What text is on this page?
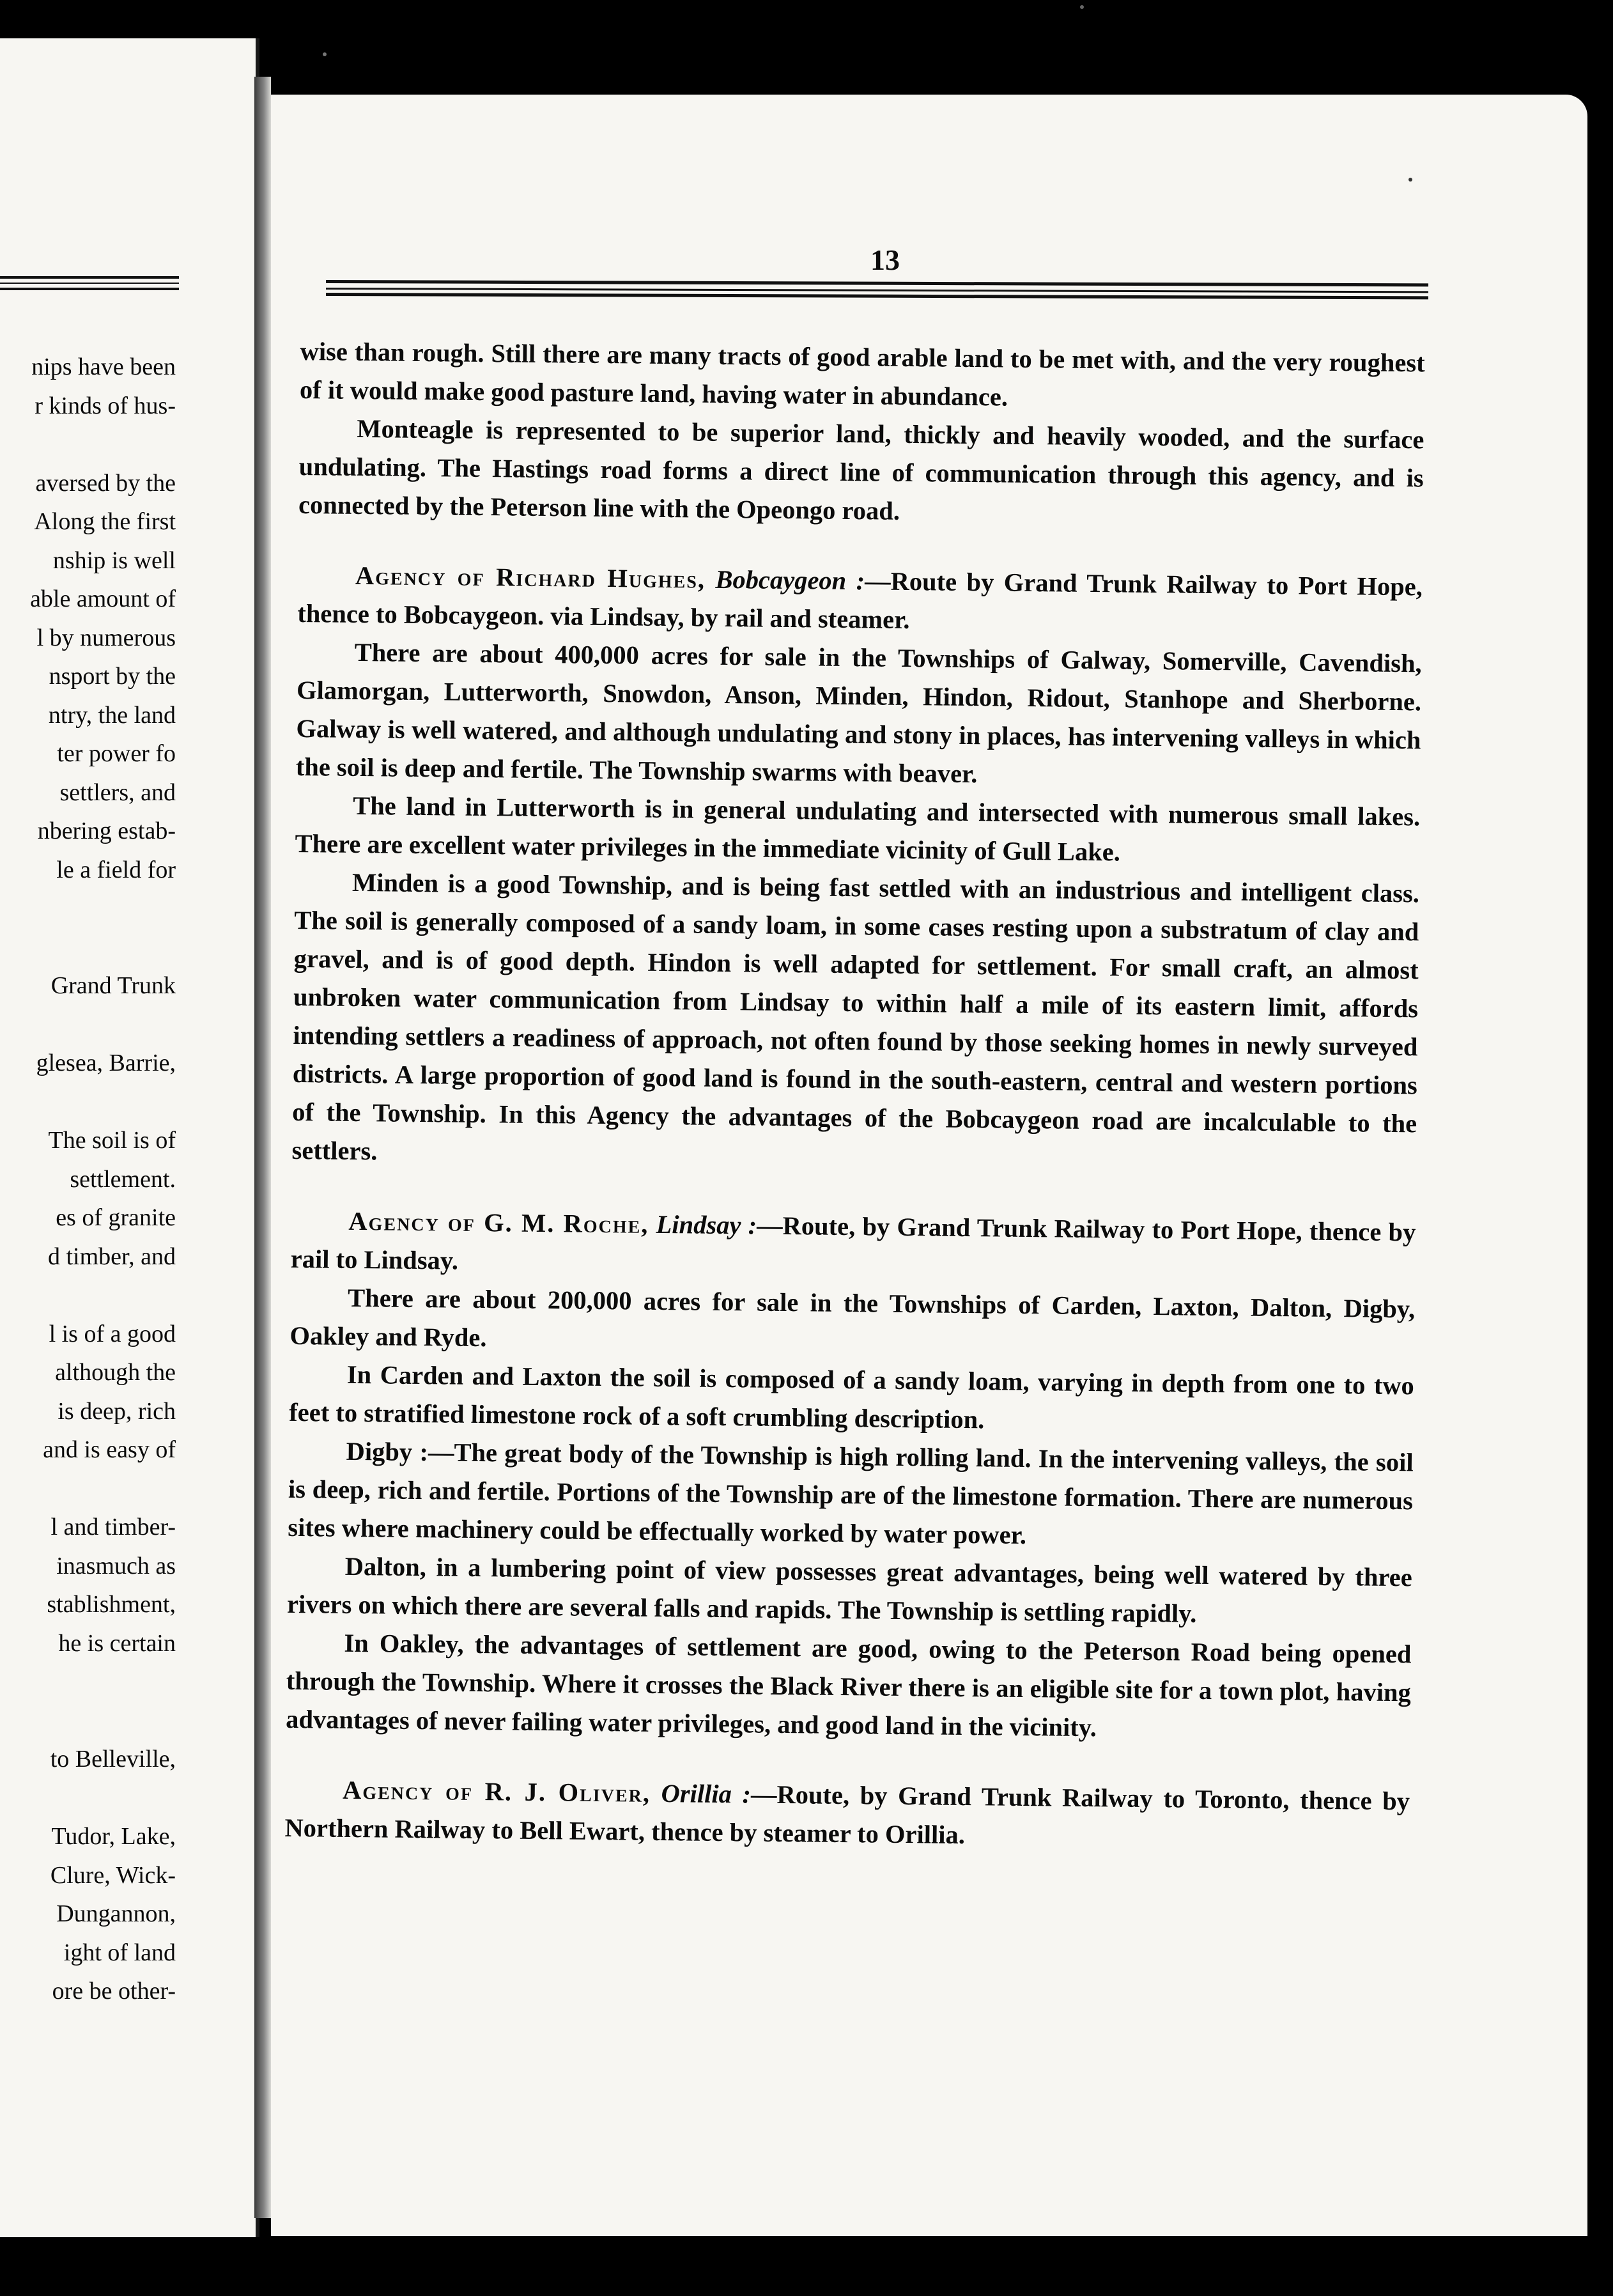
nips have been
r kinds of hus-
aversed by the
Along the first
nship is well
able amount of
l by numerous
nsport by the
ntry, the land
ter power fo
settlers, and
nbering estab-
le a field for
Grand Trunk
glesea, Barrie,
The soil is of
settlement.
es of granite
d timber, and
l is of a good
although the
is deep, rich
and is easy of
l and timber-
inasmuch as
stablishment,
he is certain
to Belleville,
Tudor, Lake,
Clure, Wick-
Dungannon,
ight of land
ore be other-
13

wise than rough. Still there are many tracts of good arable land to be met with, and the very roughest of it would make good pasture land, having water in abundance.

Monteagle is represented to be superior land, thickly and heavily wooded, and the surface undulating. The Hastings road forms a direct line of communication through this agency, and is connected by the Peterson line with the Opeongo road.

Agency of Richard Hughes, Bobcaygeon :—Route by Grand Trunk Railway to Port Hope, thence to Bobcaygeon. via Lindsay, by rail and steamer.

There are about 400,000 acres for sale in the Townships of Galway, Somerville, Cavendish, Glamorgan, Lutterworth, Snowdon, Anson, Minden, Hindon, Ridout, Stanhope and Sherborne. Galway is well watered, and although undulating and stony in places, has intervening valleys in which the soil is deep and fertile. The Township swarms with beaver.

The land in Lutterworth is in general undulating and intersected with numerous small lakes. There are excellent water privileges in the immediate vicinity of Gull Lake.

Minden is a good Township, and is being fast settled with an industrious and intelligent class. The soil is generally composed of a sandy loam, in some cases resting upon a substratum of clay and gravel, and is of good depth. Hindon is well adapted for settlement. For small craft, an almost unbroken water communication from Lindsay to within half a mile of its eastern limit, affords intending settlers a readiness of approach, not often found by those seeking homes in newly surveyed districts. A large proportion of good land is found in the south-eastern, central and western portions of the Township. In this Agency the advantages of the Bobcaygeon road are incalculable to the settlers.

Agency of G. M. Roche, Lindsay :—Route, by Grand Trunk Railway to Port Hope, thence by rail to Lindsay.

There are about 200,000 acres for sale in the Townships of Carden, Laxton, Dalton, Digby, Oakley and Ryde.

In Carden and Laxton the soil is composed of a sandy loam, varying in depth from one to two feet to stratified limestone rock of a soft crumbling description.

Digby :—The great body of the Township is high rolling land. In the intervening valleys, the soil is deep, rich and fertile. Portions of the Township are of the limestone formation. There are numerous sites where machinery could be effectually worked by water power.

Dalton, in a lumbering point of view possesses great advantages, being well watered by three rivers on which there are several falls and rapids. The Township is settling rapidly.

In Oakley, the advantages of settlement are good, owing to the Peterson Road being opened through the Township. Where it crosses the Black River there is an eligible site for a town plot, having advantages of never failing water privileges, and good land in the vicinity.

Agency of R. J. Oliver, Orillia :—Route, by Grand Trunk Railway to Toronto, thence by Northern Railway to Bell Ewart, thence by steamer to Orillia.
